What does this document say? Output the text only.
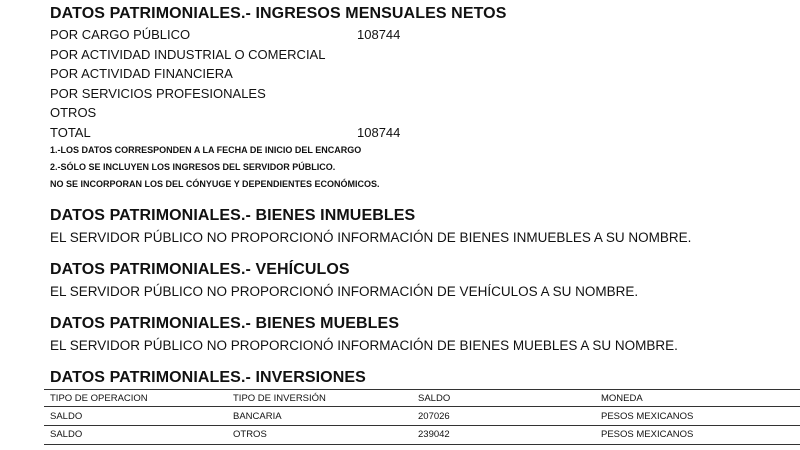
DATOS PATRIMONIALES.- INGRESOS MENSUALES NETOS
POR CARGO PÚBLICO	108744
POR ACTIVIDAD INDUSTRIAL O COMERCIAL
POR ACTIVIDAD FINANCIERA
POR SERVICIOS PROFESIONALES
OTROS
TOTAL	108744
1.-LOS DATOS CORRESPONDEN A LA FECHA DE INICIO DEL ENCARGO
2.-SÓLO SE INCLUYEN LOS INGRESOS DEL SERVIDOR PÚBLICO.
NO SE INCORPORAN LOS DEL CÓNYUGE Y DEPENDIENTES ECONÓMICOS.
DATOS PATRIMONIALES.- BIENES INMUEBLES
EL SERVIDOR PÚBLICO NO PROPORCIONÓ INFORMACIÓN DE BIENES INMUEBLES A SU NOMBRE.
DATOS PATRIMONIALES.- VEHÍCULOS
EL SERVIDOR PÚBLICO NO PROPORCIONÓ INFORMACIÓN DE VEHÍCULOS A SU NOMBRE.
DATOS PATRIMONIALES.- BIENES MUEBLES
EL SERVIDOR PÚBLICO NO PROPORCIONÓ INFORMACIÓN DE BIENES MUEBLES A SU NOMBRE.
DATOS PATRIMONIALES.- INVERSIONES
TIPO DE OPERACION	TIPO DE INVERSIÓN	SALDO	MONEDA
SALDO	BANCARIA	207026	PESOS MEXICANOS
SALDO	OTROS	239042	PESOS MEXICANOS
